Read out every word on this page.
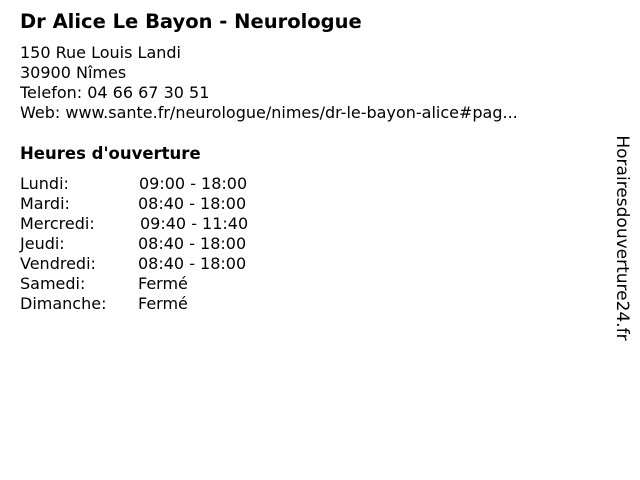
Dr Alice Le Bayon - Neurologue
150 Rue Louis Landi
30900 Nîmes
Telefon: 04 66 67 30 51
Web: www.sante.fr/neurologue/nimes/dr-le-bayon-alice#pag...
Heures d'ouverture
Lundi:	09:00 - 18:00
Mardi:	08:40 - 18:00
Mercredi:	09:40 - 11:40
Jeudi:	08:40 - 18:00
Vendredi:	08:40 - 18:00
Samedi:	Fermé
Dimanche: Fermé	Horairesdouverture24.fr
